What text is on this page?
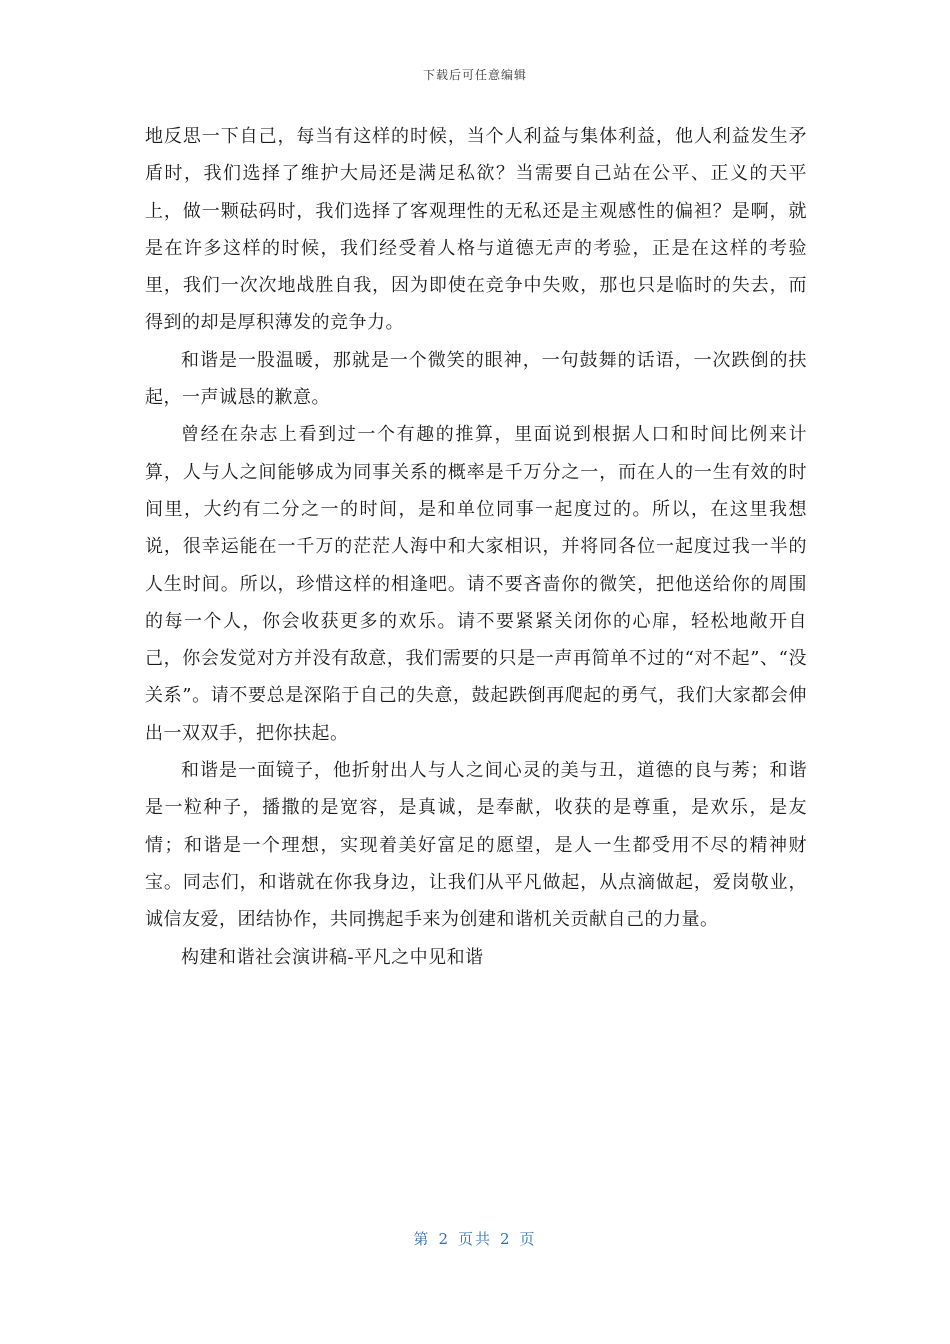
下载后可任意编辑

地反思一下自己，每当有这样的时候，当个人利益与集体利益，他人利益发生矛盾时，我们选择了维护大局还是满足私欲？当需要自己站在公平、正义的天平上，做一颗砝码时，我们选择了客观理性的无私还是主观感性的偏袒？是啊，就是在许多这样的时候，我们经受着人格与道德无声的考验，正是在这样的考验里，我们一次次地战胜自我，因为即使在竞争中失败，那也只是临时的失去，而得到的却是厚积薄发的竞争力。

和谐是一股温暖，那就是一个微笑的眼神，一句鼓舞的话语，一次跌倒的扶起，一声诚恳的歉意。

曾经在杂志上看到过一个有趣的推算，里面说到根据人口和时间比例来计算，人与人之间能够成为同事关系的概率是千万分之一，而在人的一生有效的时间里，大约有二分之一的时间，是和单位同事一起度过的。所以，在这里我想说，很幸运能在一千万的茫茫人海中和大家相识，并将同各位一起度过我一半的人生时间。所以，珍惜这样的相逢吧。请不要吝啬你的微笑，把他送给你的周围的每一个人，你会收获更多的欢乐。请不要紧紧关闭你的心扉，轻松地敞开自己，你会发觉对方并没有敌意，我们需要的只是一声再简单不过的“对不起”、“没关系”。请不要总是深陷于自己的失意，鼓起跌倒再爬起的勇气，我们大家都会伸出一双双手，把你扶起。

和谐是一面镜子，他折射出人与人之间心灵的美与丑，道德的良与莠；和谐是一粒种子，播撒的是宽容，是真诚，是奉献，收获的是尊重，是欢乐，是友情；和谐是一个理想，实现着美好富足的愿望，是人一生都受用不尽的精神财宝。同志们，和谐就在你我身边，让我们从平凡做起，从点滴做起，爱岗敬业，诚信友爱，团结协作，共同携起手来为创建和谐机关贡献自己的力量。

构建和谐社会演讲稿-平凡之中见和谐

第 2 页共 2 页
